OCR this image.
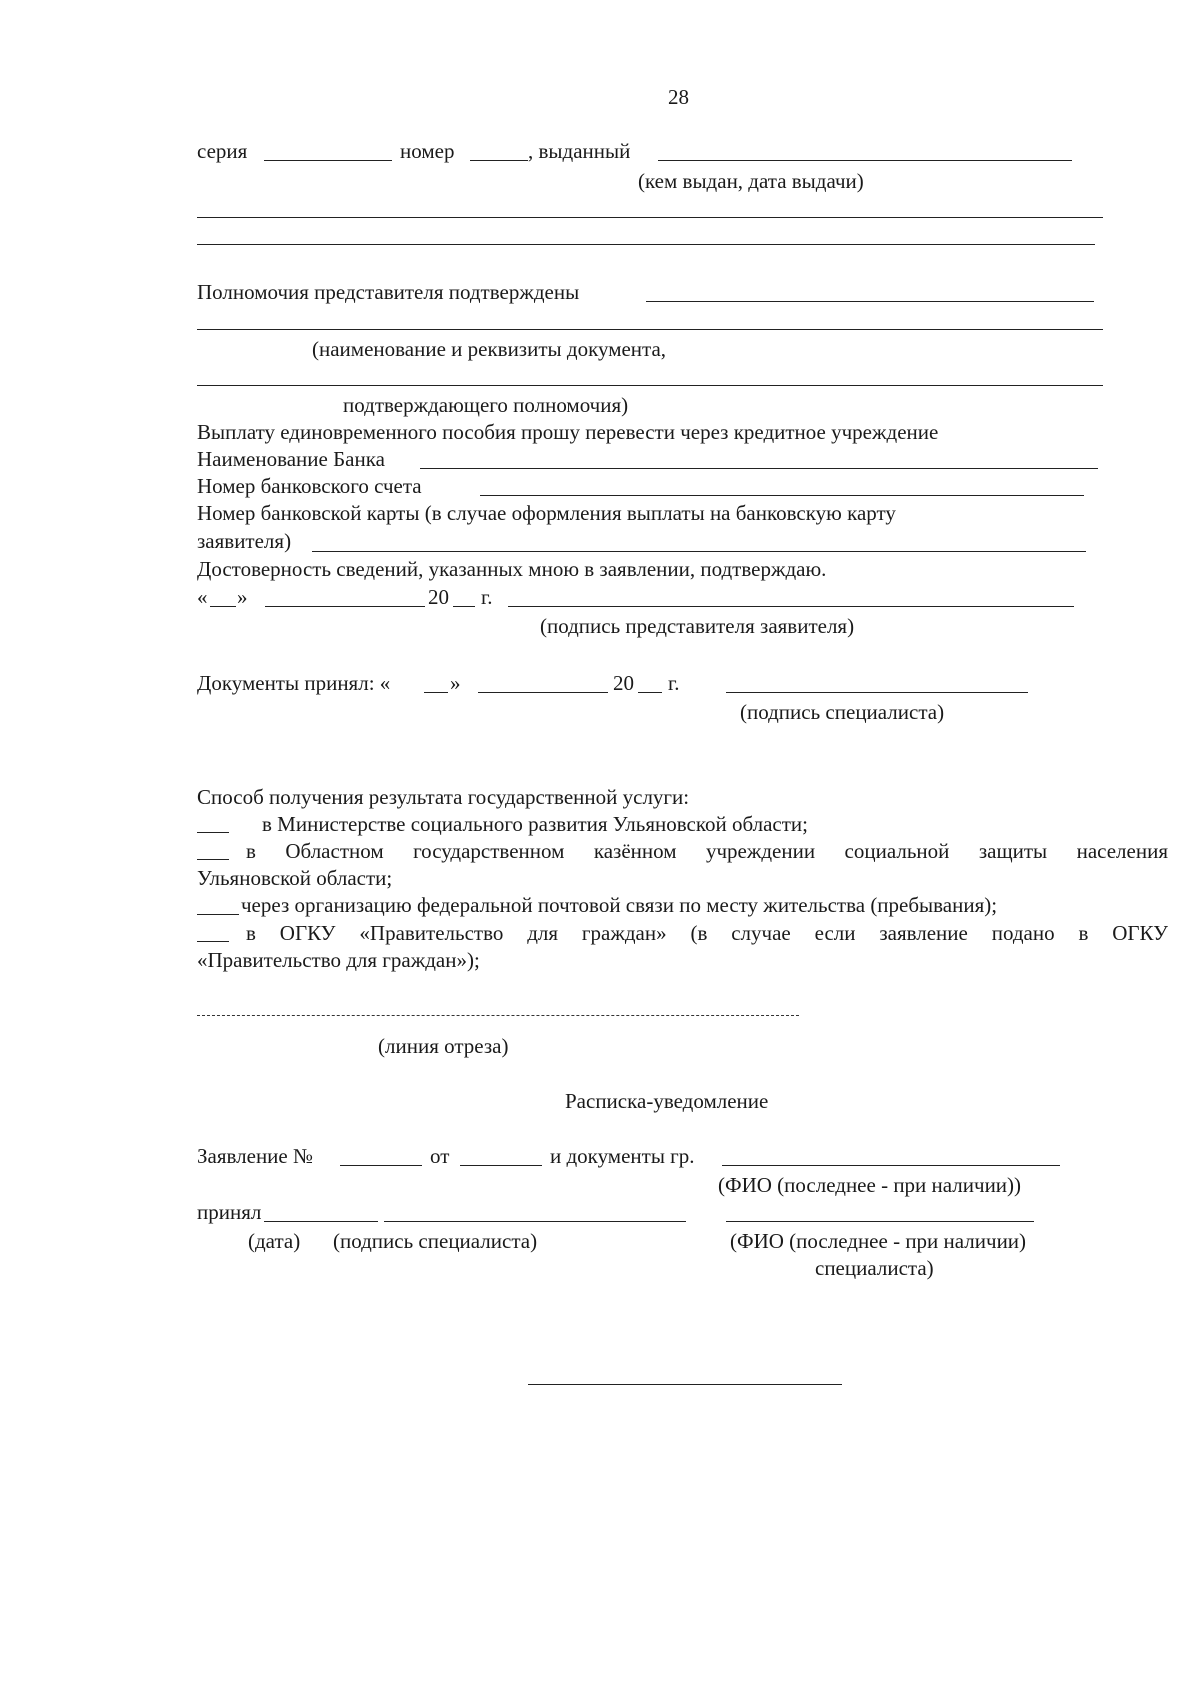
28
серия	номер	, выданный
(кем выдан, дата выдачи)
Полномочия представителя подтверждены
(наименование и реквизиты документа,
подтверждающего полномочия)
Выплату единовременного пособия прошу перевести через кредитное учреждение
Наименование Банка
Номер банковского счета
Номер банковской карты (в случае оформления выплаты на банковскую карту
заявителя)
Достоверность сведений, указанных мною в заявлении, подтверждаю.
« »	20 г.
(подпись представителя заявителя)
Документы принял: «	»	20 г.
(подпись специалиста)
Способ получения результата государственной услуги:
в Министерстве социального развития Ульяновской области;
в Областном государственном казённом учреждении социальной защиты населения
Ульяновской области;
через организацию федеральной почтовой связи по месту жительства (пребывания);
в ОГКУ «Правительство для граждан» (в случае если заявление подано в ОГКУ
«Правительство для граждан»);
(линия отреза)
Расписка-уведомление
Заявление №	от	и документы гр.
(ФИО (последнее - при наличии))
принял
(дата) (подпись специалиста)	(ФИО (последнее - при наличии)
специалиста)
